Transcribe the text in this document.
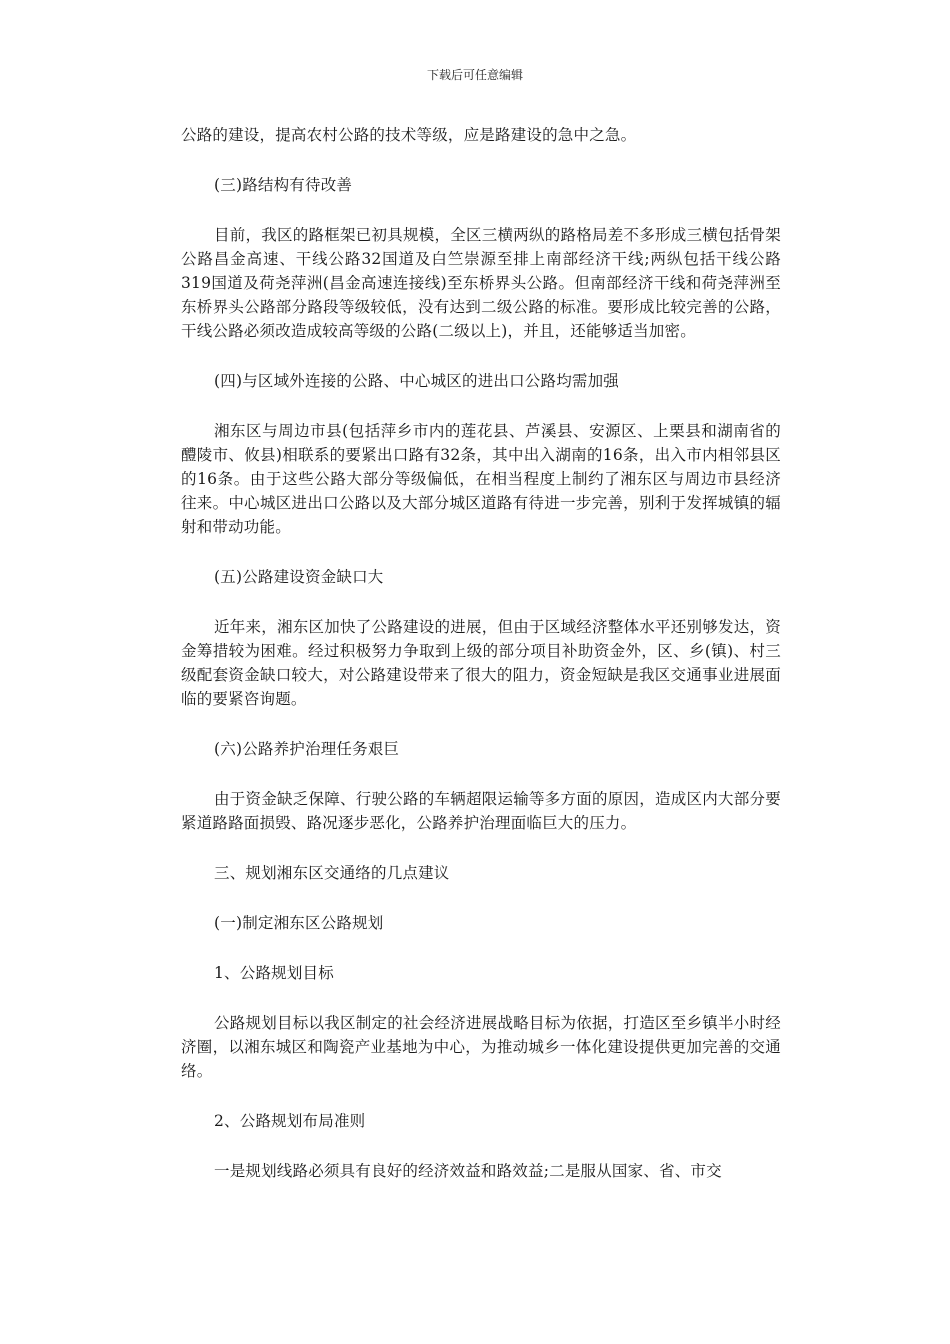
下载后可任意编辑

公路的建设，提高农村公路的技术等级，应是路建设的急中之急。

(三)路结构有待改善

目前，我区的路框架已初具规模，全区三横两纵的路格局差不多形成三横包括骨架公路昌金高速、干线公路32国道及白竺崇源至排上南部经济干线;两纵包括干线公路319国道及荷尧萍洲(昌金高速连接线)至东桥界头公路。但南部经济干线和荷尧萍洲至东桥界头公路部分路段等级较低，没有达到二级公路的标准。要形成比较完善的公路，干线公路必须改造成较高等级的公路(二级以上)，并且，还能够适当加密。

(四)与区域外连接的公路、中心城区的进出口公路均需加强

湘东区与周边市县(包括萍乡市内的莲花县、芦溪县、安源区、上栗县和湖南省的醴陵市、攸县)相联系的要紧出口路有32条，其中出入湖南的16条，出入市内相邻县区的16条。由于这些公路大部分等级偏低，在相当程度上制约了湘东区与周边市县经济往来。中心城区进出口公路以及大部分城区道路有待进一步完善，别利于发挥城镇的辐射和带动功能。

(五)公路建设资金缺口大

近年来，湘东区加快了公路建设的进展，但由于区域经济整体水平还别够发达，资金筹措较为困难。经过积极努力争取到上级的部分项目补助资金外，区、乡(镇)、村三级配套资金缺口较大，对公路建设带来了很大的阻力，资金短缺是我区交通事业进展面临的要紧咨询题。

(六)公路养护治理任务艰巨

由于资金缺乏保障、行驶公路的车辆超限运输等多方面的原因，造成区内大部分要紧道路路面损毁、路况逐步恶化，公路养护治理面临巨大的压力。

三、规划湘东区交通络的几点建议

(一)制定湘东区公路规划

1、公路规划目标

公路规划目标以我区制定的社会经济进展战略目标为依据，打造区至乡镇半小时经济圈，以湘东城区和陶瓷产业基地为中心，为推动城乡一体化建设提供更加完善的交通络。

2、公路规划布局准则

一是规划线路必须具有良好的经济效益和路效益;二是服从国家、省、市交
